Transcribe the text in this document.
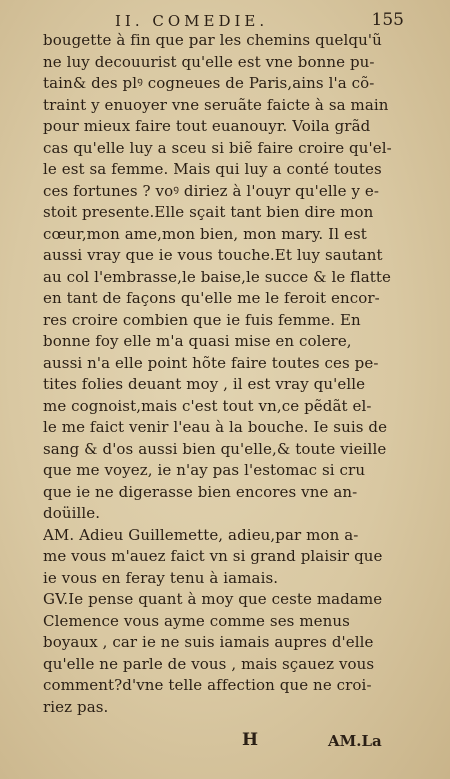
II. COMEDIE.	155
bougette à fin que par les chemins quelqu'ũ
ne luy decouurist qu'elle est vne bonne pu-
tain& des plꝰ cogneues de Paris,ains l'a cõ-
traint y enuoyer vne seruãte faicte à sa main
pour mieux faire tout euanouyr. Voila grãd
cas qu'elle luy a sceu si biẽ faire croire qu'el-
le est sa femme. Mais qui luy a conté toutes
ces fortunes ? voꝰ diriez à l'ouyr qu'elle y e-
stoit presente.Elle sçait tant bien dire mon
cœur,mon ame,mon bien, mon mary. Il est
aussi vray que ie vous touche.Et luy sautant
au col l'embrasse,le baise,le succe & le flatte
en tant de façons qu'elle me le feroit encor-
res croire combien que ie fuis femme. En
bonne foy elle m'a quasi mise en colere,
aussi n'a elle point hõte faire toutes ces pe-
tites folies deuant moy , il est vray qu'elle
me cognoist,mais c'est tout vn,ce pẽdãt el-
le me faict venir l'eau à la bouche. Ie suis de
sang & d'os aussi bien qu'elle,& toute vieille
que me voyez, ie n'ay pas l'estomac si cru
que ie ne digerasse bien encores vne an-
doüille.
AM. Adieu Guillemette, adieu,par mon a-
me vous m'auez faict vn si grand plaisir que
ie vous en feray tenu à iamais.
GV.Ie pense quant à moy que ceste madame
Clemence vous ayme comme ses menus
boyaux , car ie ne suis iamais aupres d'elle
qu'elle ne parle de vous , mais sçauez vous
comment?d'vne telle affection que ne croi-
riez pas.
H	AM.La
